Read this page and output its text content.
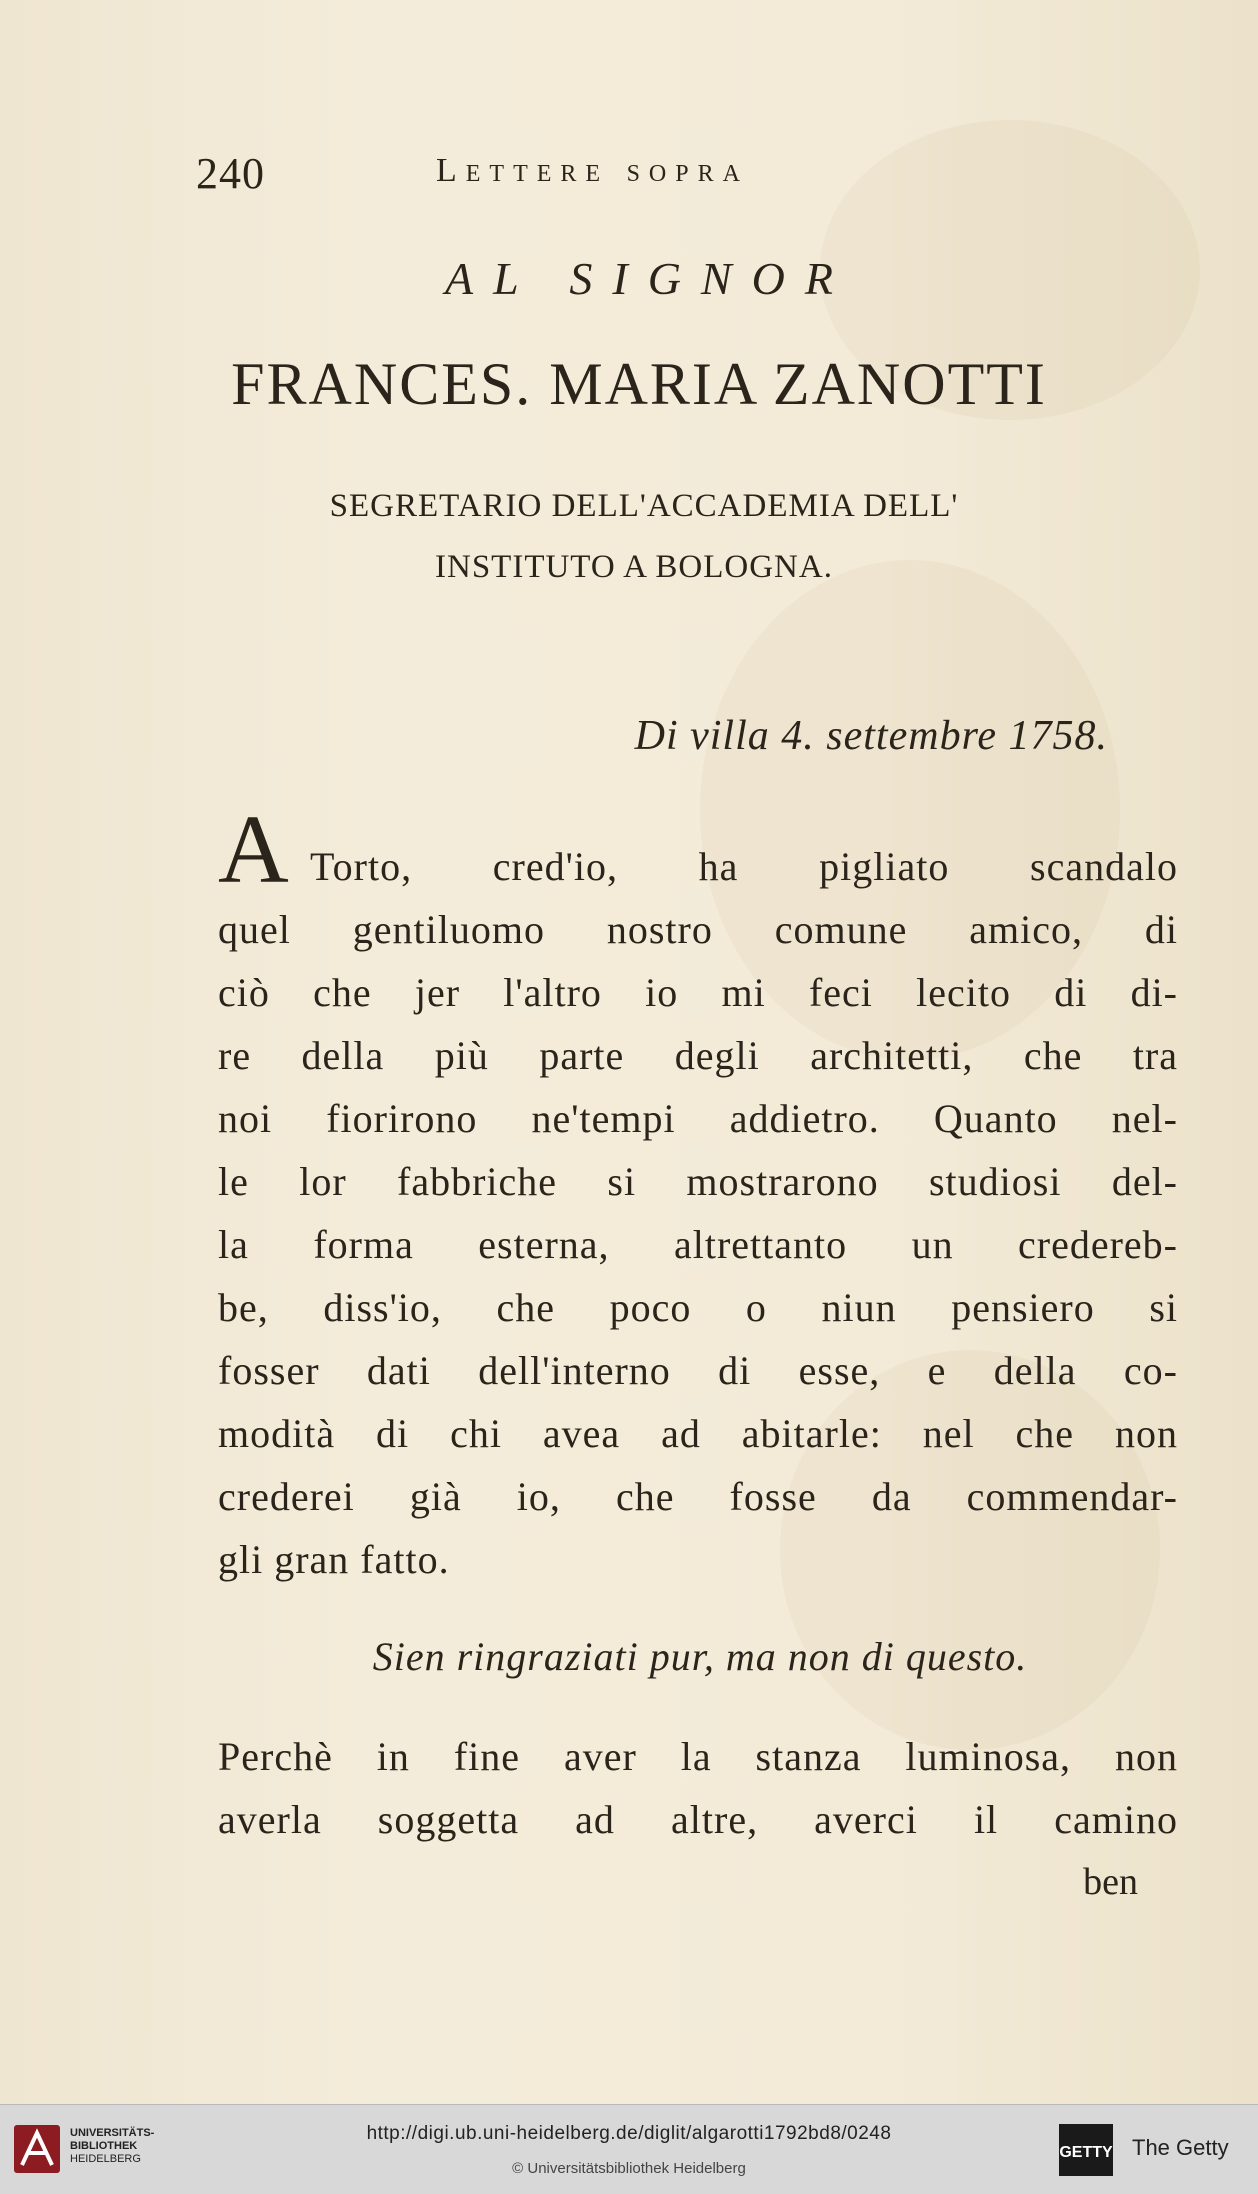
240	Lettere sopra
AL SIGNOR
FRANCES. MARIA ZANOTTI
SEGRETARIO DELL'ACCADEMIA DELL'
INSTITUTO A BOLOGNA.
Di villa 4. settembre 1758.
A Torto, cred'io, ha pigliato scandalo
quel gentiluomo nostro comune amico, di
ciò che jer l'altro io mi feci lecito di di-
re della più parte degli architetti, che tra
noi fiorirono ne'tempi addietro. Quanto nel-
le lor fabbriche si mostrarono studiosi del-
la forma esterna, altrettanto un credereb-
be, diss'io, che poco o niun pensiero si
fosser dati dell'interno di esse, e della co-
modità di chi avea ad abitarle: nel che non
crederei già io, che fosse da commendar-
gli gran fatto.
Sien ringraziati pur, ma non di questo.
Perchè in fine aver la stanza luminosa, non
averla soggetta ad altre, averci il camino
ben
UNIVERSITÄTS-
BIBLIOTHEK
HEIDELBERG
http://digi.ub.uni-heidelberg.de/diglit/algarotti1792bd8/0248
© Universitätsbibliothek Heidelberg
GETTY The Getty
